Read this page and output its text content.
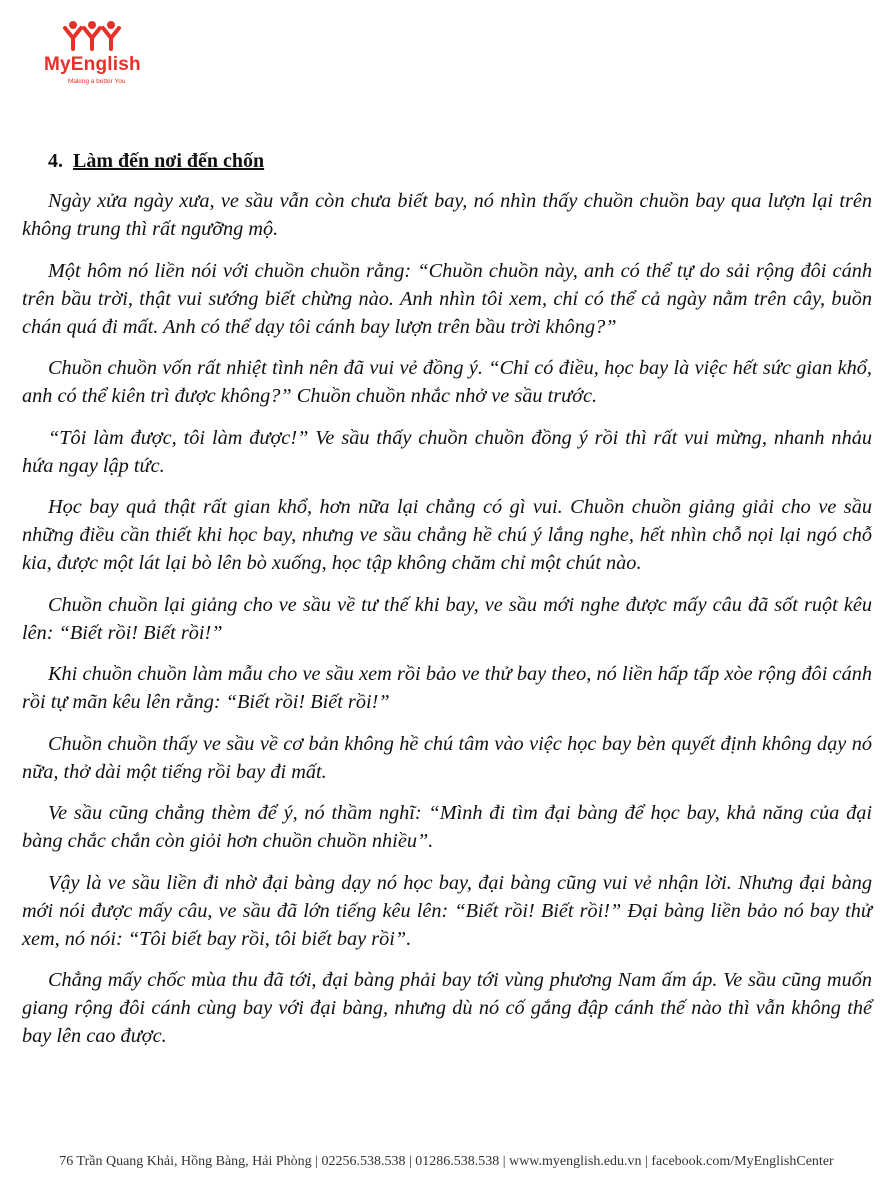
MyEnglish
Making a better You
4. Làm đến nơi đến chốn

Ngày xửa ngày xưa, ve sầu vẫn còn chưa biết bay, nó nhìn thấy chuồn chuồn bay qua lượn lại trên không trung thì rất ngưỡng mộ.

Một hôm nó liền nói với chuồn chuồn rằng: “Chuồn chuồn này, anh có thể tự do sải rộng đôi cánh trên bầu trời, thật vui sướng biết chừng nào. Anh nhìn tôi xem, chỉ có thể cả ngày nằm trên cây, buồn chán quá đi mất. Anh có thể dạy tôi cánh bay lượn trên bầu trời không?”

Chuồn chuồn vốn rất nhiệt tình nên đã vui vẻ đồng ý. “Chỉ có điều, học bay là việc hết sức gian khổ, anh có thể kiên trì được không?” Chuồn chuồn nhắc nhở ve sầu trước.

“Tôi làm được, tôi làm được!” Ve sầu thấy chuồn chuồn đồng ý rồi thì rất vui mừng, nhanh nhảu hứa ngay lập tức.

Học bay quả thật rất gian khổ, hơn nữa lại chẳng có gì vui. Chuồn chuồn giảng giải cho ve sầu những điều cần thiết khi học bay, nhưng ve sầu chẳng hề chú ý lắng nghe, hết nhìn chỗ nọi lại ngó chỗ kia, được một lát lại bò lên bò xuống, học tập không chăm chỉ một chút nào.

Chuồn chuồn lại giảng cho ve sầu về tư thế khi bay, ve sầu mới nghe được mấy câu đã sốt ruột kêu lên: “Biết rồi! Biết rồi!”

Khi chuồn chuồn làm mẫu cho ve sầu xem rồi bảo ve thử bay theo, nó liền hấp tấp xòe rộng đôi cánh rồi tự mãn kêu lên rằng: “Biết rồi! Biết rồi!”

Chuồn chuồn thấy ve sầu về cơ bản không hề chú tâm vào việc học bay bèn quyết định không dạy nó nữa, thở dài một tiếng rồi bay đi mất.

Ve sầu cũng chẳng thèm để ý, nó thầm nghĩ: “Mình đi tìm đại bàng để học bay, khả năng của đại bàng chắc chắn còn giỏi hơn chuồn chuồn nhiều”.

Vậy là ve sầu liền đi nhờ đại bàng dạy nó học bay, đại bàng cũng vui vẻ nhận lời. Nhưng đại bàng mới nói được mấy câu, ve sầu đã lớn tiếng kêu lên: “Biết rồi! Biết rồi!” Đại bàng liền bảo nó bay thử xem, nó nói: “Tôi biết bay rồi, tôi biết bay rồi”.

Chẳng mấy chốc mùa thu đã tới, đại bàng phải bay tới vùng phương Nam ấm áp. Ve sầu cũng muốn giang rộng đôi cánh cùng bay với đại bàng, nhưng dù nó cố gắng đập cánh thế nào thì vẫn không thể bay lên cao được.

76 Trần Quang Khải, Hồng Bàng, Hải Phòng | 02256.538.538 | 01286.538.538 | www.myenglish.edu.vn | facebook.com/MyEnglishCenter
